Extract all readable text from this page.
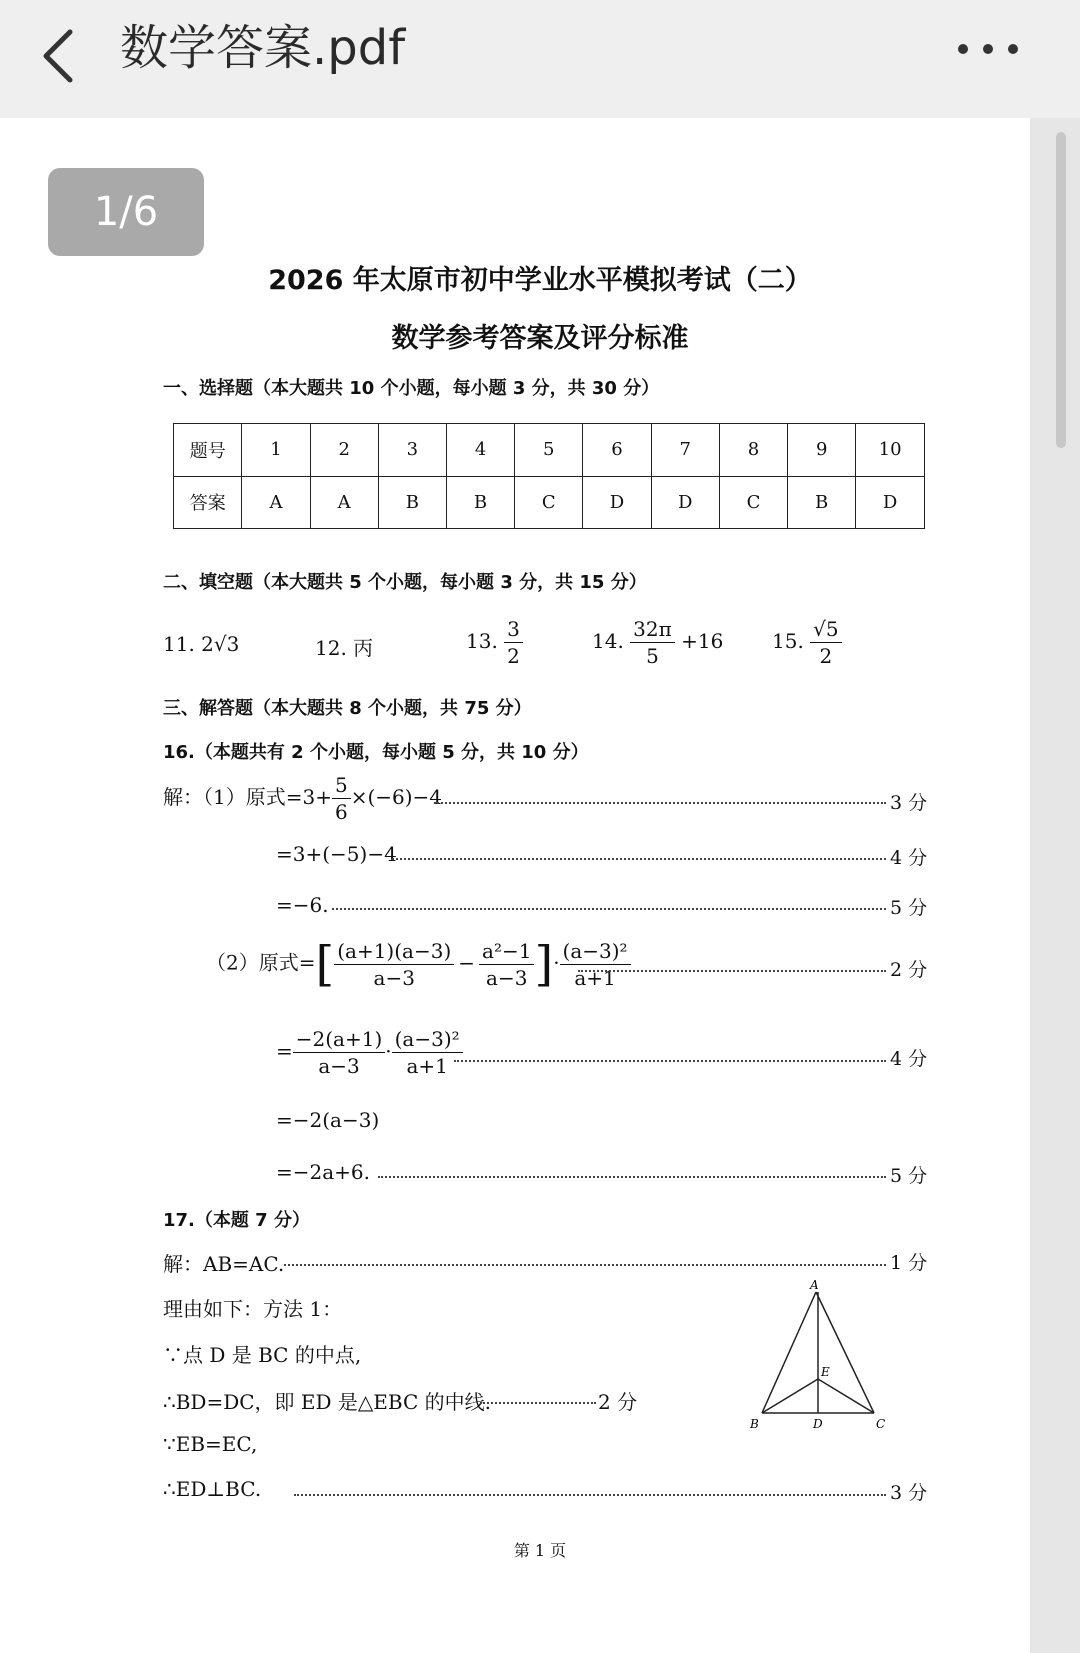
数学答案.pdf
1/6
2026 年太原市初中学业水平模拟考试（二）
数学参考答案及评分标准
一、选择题（本大题共 10 个小题，每小题 3 分，共 30 分）
题号	1	2	3	4	5	6	7	8	9	10
答案	A	A	B	B	C	D	D	C	B	D
二、填空题（本大题共 5 个小题，每小题 3 分，共 15 分）
11. 2√3	12. 丙	13. $\frac{3}{2}$	14. $\frac{32\pi}{5} +16$ 15. $\frac{√5}{2}$
三、解答题（本大题共 8 个小题，共 75 分）
16.（本题共有 2 个小题，每小题 5 分，共 10 分）
解：（1）原式$=3+ \frac{5}{6} \times(-6)-4$	3 分
=3+(−5)−4	4 分
=−6.	5 分
（2）原式=[ $\frac{(a+1)(a-3)}{a-3} - \frac{\text{a²−1}}{a-3}$ ]· $\frac{\text{(a−3)²}}{a+1}$	2 分
= $\frac{-2(a+1)}{a-3} \cdot \frac{\text{(a−3)²}}{a+1}$	4 分
=−2(a−3)
=−2a+6.	5 分
17.（本题 7 分）
解：AB=AC.	1 分
理由如下：方法 1：
∵点 D 是 BC 的中点,
∴BD=DC，即 ED 是△EBC 的中线.	2 分
∵EB=EC,
∴ED⊥BC.	3 分
A
B	C
D
E
第 1 页
